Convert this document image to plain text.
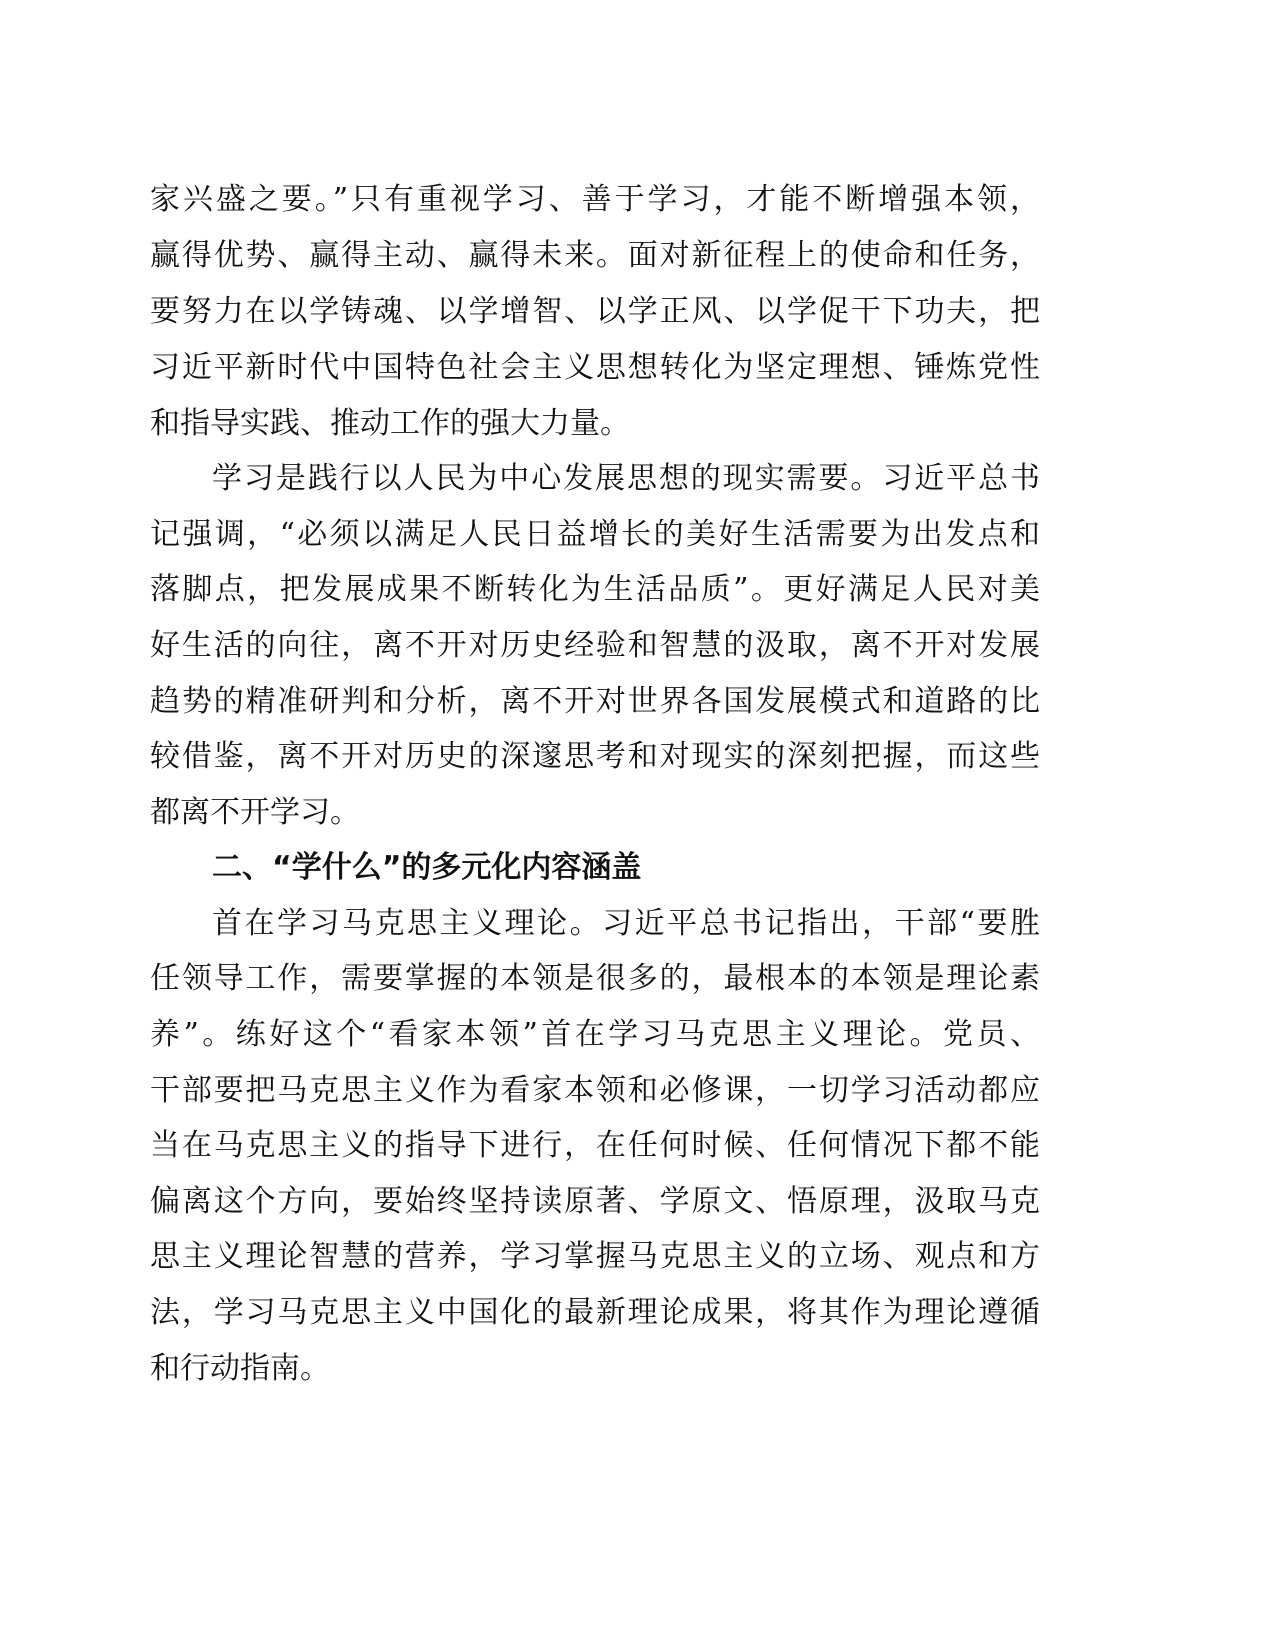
家兴盛之要。”只有重视学习、善于学习，才能不断增强本领，
赢得优势、赢得主动、赢得未来。面对新征程上的使命和任务，
要努力在以学铸魂、以学增智、以学正风、以学促干下功夫，把
习近平新时代中国特色社会主义思想转化为坚定理想、锤炼党性
和指导实践、推动工作的强大力量。
学习是践行以人民为中心发展思想的现实需要。习近平总书
记强调，“必须以满足人民日益增长的美好生活需要为出发点和
落脚点，把发展成果不断转化为生活品质”。更好满足人民对美
好生活的向往，离不开对历史经验和智慧的汲取，离不开对发展
趋势的精准研判和分析，离不开对世界各国发展模式和道路的比
较借鉴，离不开对历史的深邃思考和对现实的深刻把握，而这些
都离不开学习。
二、“学什么”的多元化内容涵盖
首在学习马克思主义理论。习近平总书记指出，干部“要胜
任领导工作，需要掌握的本领是很多的，最根本的本领是理论素
养”。练好这个“看家本领”首在学习马克思主义理论。党员、
干部要把马克思主义作为看家本领和必修课，一切学习活动都应
当在马克思主义的指导下进行，在任何时候、任何情况下都不能
偏离这个方向，要始终坚持读原著、学原文、悟原理，汲取马克
思主义理论智慧的营养，学习掌握马克思主义的立场、观点和方
法，学习马克思主义中国化的最新理论成果，将其作为理论遵循
和行动指南。
